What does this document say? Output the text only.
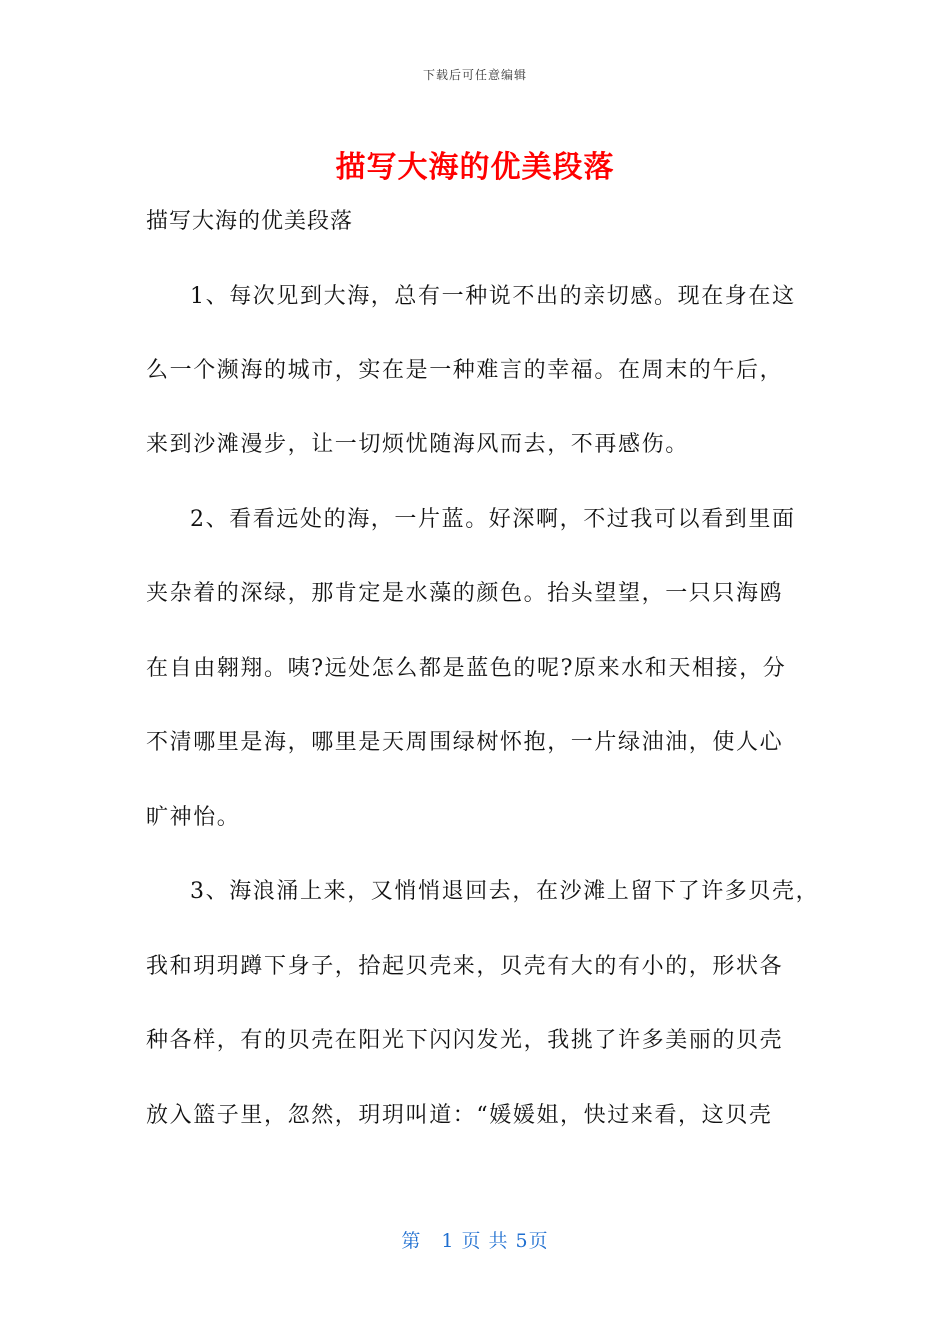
下载后可任意编辑
描写大海的优美段落
描写大海的优美段落
1、每次见到大海，总有一种说不出的亲切感。现在身在这
么一个濒海的城市，实在是一种难言的幸福。在周末的午后，
来到沙滩漫步，让一切烦忧随海风而去，不再感伤。
2、看看远处的海，一片蓝。好深啊，不过我可以看到里面
夹杂着的深绿，那肯定是水藻的颜色。抬头望望，一只只海鸥
在自由翱翔。咦?远处怎么都是蓝色的呢?原来水和天相接，分
不清哪里是海，哪里是天周围绿树怀抱，一片绿油油，使人心
旷神怡。
3、海浪涌上来，又悄悄退回去，在沙滩上留下了许多贝壳，
我和玥玥蹲下身子，拾起贝壳来，贝壳有大的有小的，形状各
种各样，有的贝壳在阳光下闪闪发光，我挑了许多美丽的贝壳
放入篮子里，忽然，玥玥叫道：“媛媛姐，快过来看，这贝壳
第　1 页 共 5页
